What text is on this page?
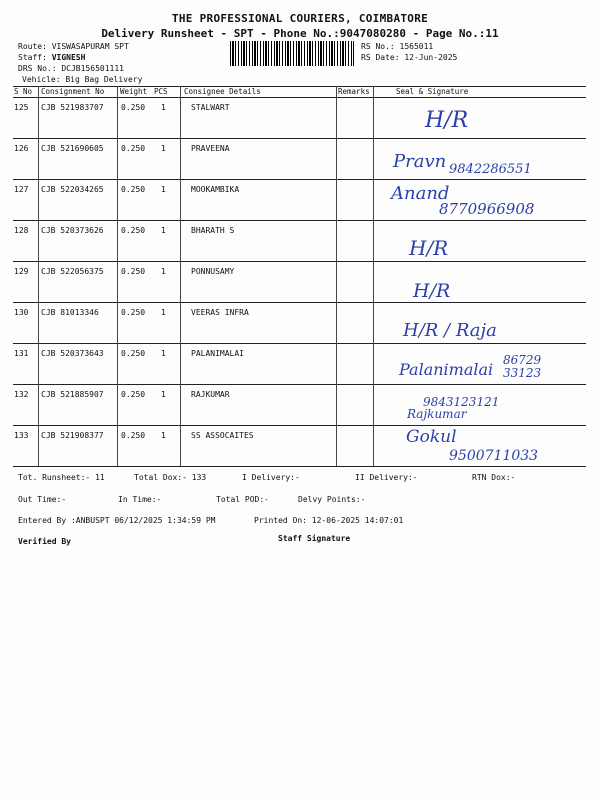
THE PROFESSIONAL COURIERS, COIMBATORE
Delivery Runsheet - SPT - Phone No.:9047080280 - Page No.:11
Route: VISWASAPURAM SPT
Staff: VIGNESH
DRS No.: DCJB156501111
Vehicle: Big Bag Delivery
RS No.: 1565011
RS Date: 12-Jun-2025
S No Consignment No Weight PCS Consignee Details	Remarks	Seal & Signature
125 CJB 521983707 0.250 1	STALWART
H/R
126 CJB 521690605 0.250 1	PRAVEENA
Pravn 9842286551
127 CJB 522034265 0.250 1	MOOKAMBIKA	Anand
8770966908
128 CJB 520373626 0.250 1	BHARATH S
H/R
129 CJB 522056375 0.250 1	PONNUSAMY
H/R
130 CJB 81013346	0.250 1	VEERAS INFRA
H/R / Raja
131 CJB 520373643 0.250 1	PALANIMALAI
Palanimalai 86729 33123
132 CJB 521885907 0.250 1	RAJKUMAR
9843123121
Rajkumar
133 CJB 521908377 0.250 1	SS ASSOCAITES	Gokul
9500711033
Tot. Runsheet:- 11	Total Dox:- 133	I Delivery:-	II Delivery:-	RTN Dox:-
Out Time:-	In Time:-	Total POD:-	Delvy Points:-
Entered By :ANBUSPT 06/12/2025 1:34:59 PM	Printed On: 12-06-2025 14:07:01
Verified By	Staff Signature
